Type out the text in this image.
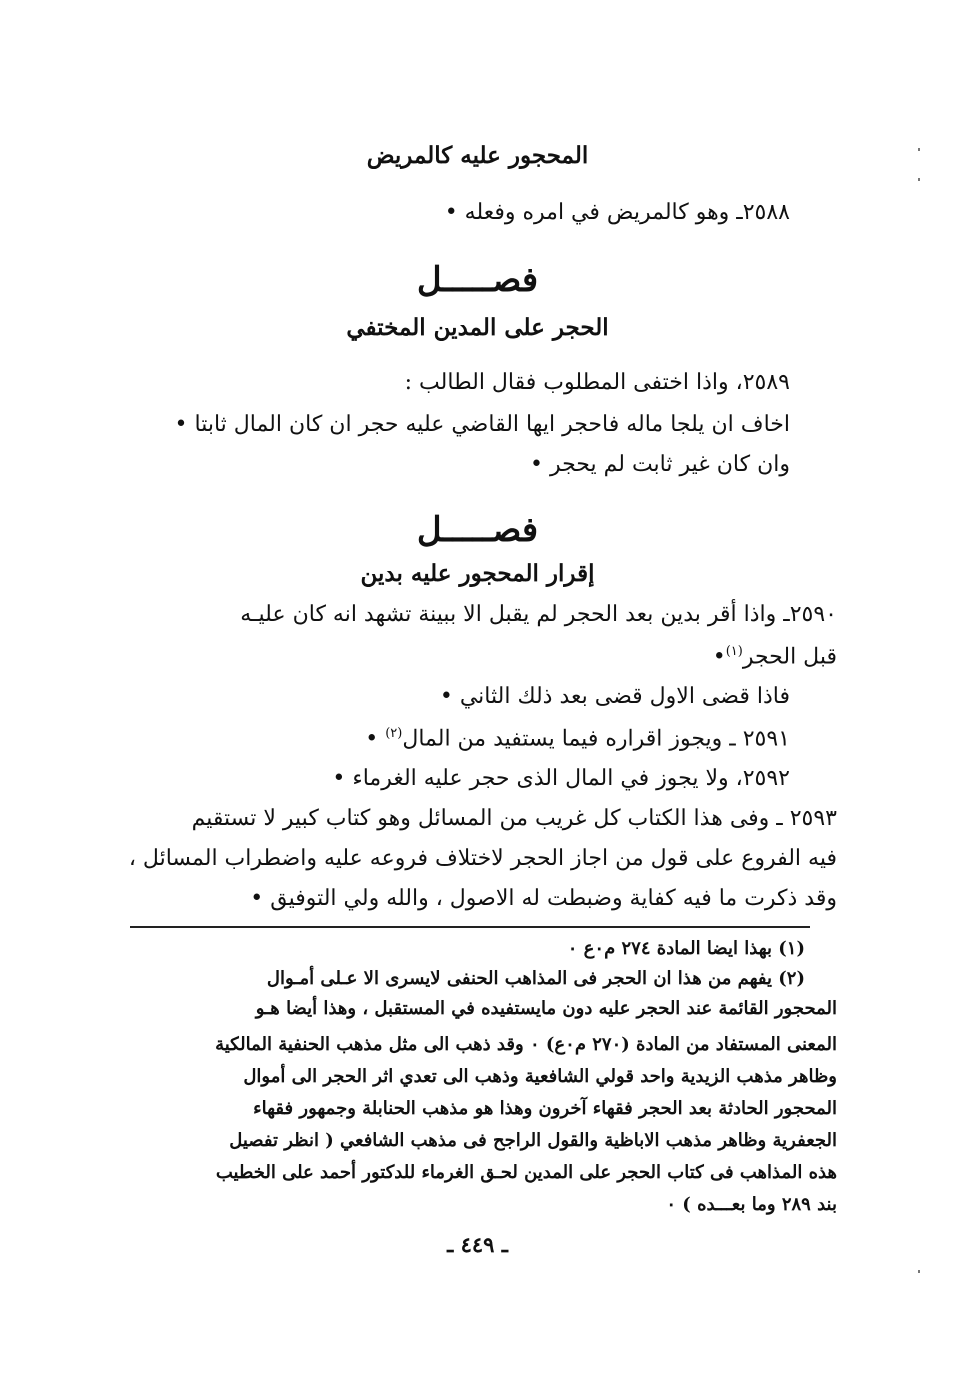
المحجور عليه كالمريض
٢٥٨٨ـ وهو كالمريض في امره وفعله •
فصـــــل
الحجر على المدين المختفي
٢٥٨٩، واذا اختفى المطلوب فقال الطالب :
اخاف ان يلجا ماله فاحجر ايها القاضي عليه حجر ان كان المال ثابتا •
وان كان غير ثابت لم يحجر •
فصـــــل
إقرار المحجور عليه بدين
٢٥٩٠ـ واذا أقر بدين بعد الحجر لم يقبل الا ببينة تشهد انه كان عليـه
قبل الحجر$^{(١)}$•
فاذا قضى الاول قضى بعد ذلك الثاني •
٢٥٩١ ـ ويجوز اقراره فيما يستفيد من المال$^{(٢)}$ •
٢٥٩٢، ولا يجوز في المال الذى حجر عليه الغرماء •
٢٥٩٣ ـ وفى هذا الكتاب كل غريب من المسائل وهو كتاب كبير لا تستقيم
فيه الفروع على قول من اجاز الحجر لاختلاف فروعه عليه واضطراب المسائل ،
وقد ذكرت ما فيه كفاية وضبطت له الاصول ، والله ولي التوفيق •
(١) بهذا ايضا المادة ٢٧٤ م٠ع ٠
(٢) يفهم من هذا ان الحجر فى المذاهب الحنفى لايسرى الا عـلى أمـوال
المحجور القائمة عند الحجر عليه دون مايستفيده في المستقبل ، وهذا أيضا هـو
المعنى المستفاد من المادة (٢٧٠ م٠ع) ٠ وقد ذهب الى مثل مذهب الحنفية المالكية
وظاهر مذهب الزيدية واحد قولي الشافعية وذهب الى تعدي اثر الحجر الى أموال
المحجور الحادثة بعد الحجر فقهاء آخرون وهذا هو مذهب الحنابلة وجمهور فقهاء
الجعفرية وظاهر مذهب الاباظية والقول الراجح فى مذهب الشافعي ( انظر تفصيل
هذه المذاهب فى كتاب الحجر على المدين لحـق الغرماء للدكتور أحمد على الخطيب
بند ٢٨٩ وما بعـــده ) ٠
ـ ٤٤٩ ـ
